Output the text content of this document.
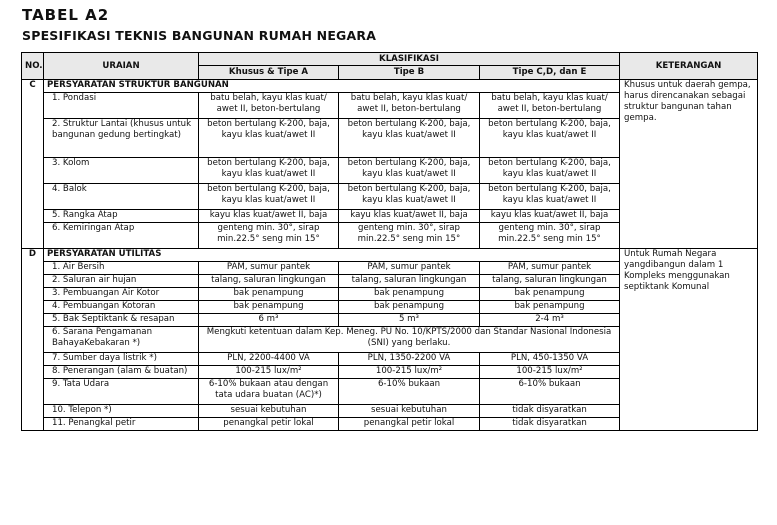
TABEL A2
SPESIFIKASI TEKNIS BANGUNAN RUMAH NEGARA
NO.	URAIAN	KLASIFIKASI			KETERANGAN
		Khusus & Tipe A	Tipe B	Tipe C,D, dan E	
C	PERSYARATAN STRUKTUR BANGUNAN				Khusus untuk daerah gempa, harus direncanakan sebagai struktur bangunan tahan gempa.
	1. Pondasi	batu belah, kayu klas kuat/ awet II, beton-bertulang	batu belah, kayu klas kuat/ awet II, beton-bertulang	batu belah, kayu klas kuat/ awet II, beton-bertulang	
	2. Struktur Lantai (khusus untuk bangunan gedung bertingkat)	beton bertulang K-200, baja, kayu klas kuat/awet II	beton bertulang K-200, baja, kayu klas kuat/awet II	beton bertulang K-200, baja, kayu klas kuat/awet II	
	3. Kolom	beton bertulang K-200, baja, kayu klas kuat/awet II	beton bertulang K-200, baja, kayu klas kuat/awet II	beton bertulang K-200, baja, kayu klas kuat/awet II	
	4. Balok	beton bertulang K-200, baja, kayu klas kuat/awet II	beton bertulang K-200, baja, kayu klas kuat/awet II	beton bertulang K-200, baja, kayu klas kuat/awet II	
	5. Rangka Atap	kayu klas kuat/awet II, baja	kayu klas kuat/awet II, baja	kayu klas kuat/awet II, baja	
	6. Kemiringan Atap	genteng min. 30°, sirap min.22.5° seng min 15°	genteng min. 30°, sirap min.22.5° seng min 15°	genteng min. 30°, sirap min.22.5° seng min 15°	
D	PERSYARATAN UTILITAS				Untuk Rumah Negara yangdibangun dalam 1 Kompleks menggunakan septiktank Komunal
	1. Air Bersih	PAM, sumur pantek	PAM, sumur pantek	PAM, sumur pantek	
	2. Saluran air hujan	talang, saluran lingkungan	talang, saluran lingkungan	talang, saluran lingkungan	
	3. Pembuangan Air Kotor	bak penampung	bak penampung	bak penampung	
	4. Pembuangan Kotoran	bak penampung	bak penampung	bak penampung	
	5. Bak Septiktank & resapan	6 m³	5 m³	2-4 m³	
	6. Sarana Pengamanan BahayaKebakaran *)	Mengkuti ketentuan dalam Kep. Meneg. PU No. 10/KPTS/2000 dan Standar Nasional Indonesia (SNI) yang berlaku.			
	7. Sumber daya listrik *)	PLN, 2200-4400 VA	PLN, 1350-2200 VA	PLN, 450-1350 VA	
	8. Penerangan (alam & buatan)	100-215 lux/m²	100-215 lux/m²	100-215 lux/m²	
	9. Tata Udara	6-10% bukaan atau dengan tata udara buatan (AC)*)	6-10% bukaan	6-10% bukaan	
	10. Telepon *)	sesuai kebutuhan	sesuai kebutuhan	tidak disyaratkan	
	11. Penangkal petir	penangkal petir lokal	penangkal petir lokal	tidak disyaratkan	
